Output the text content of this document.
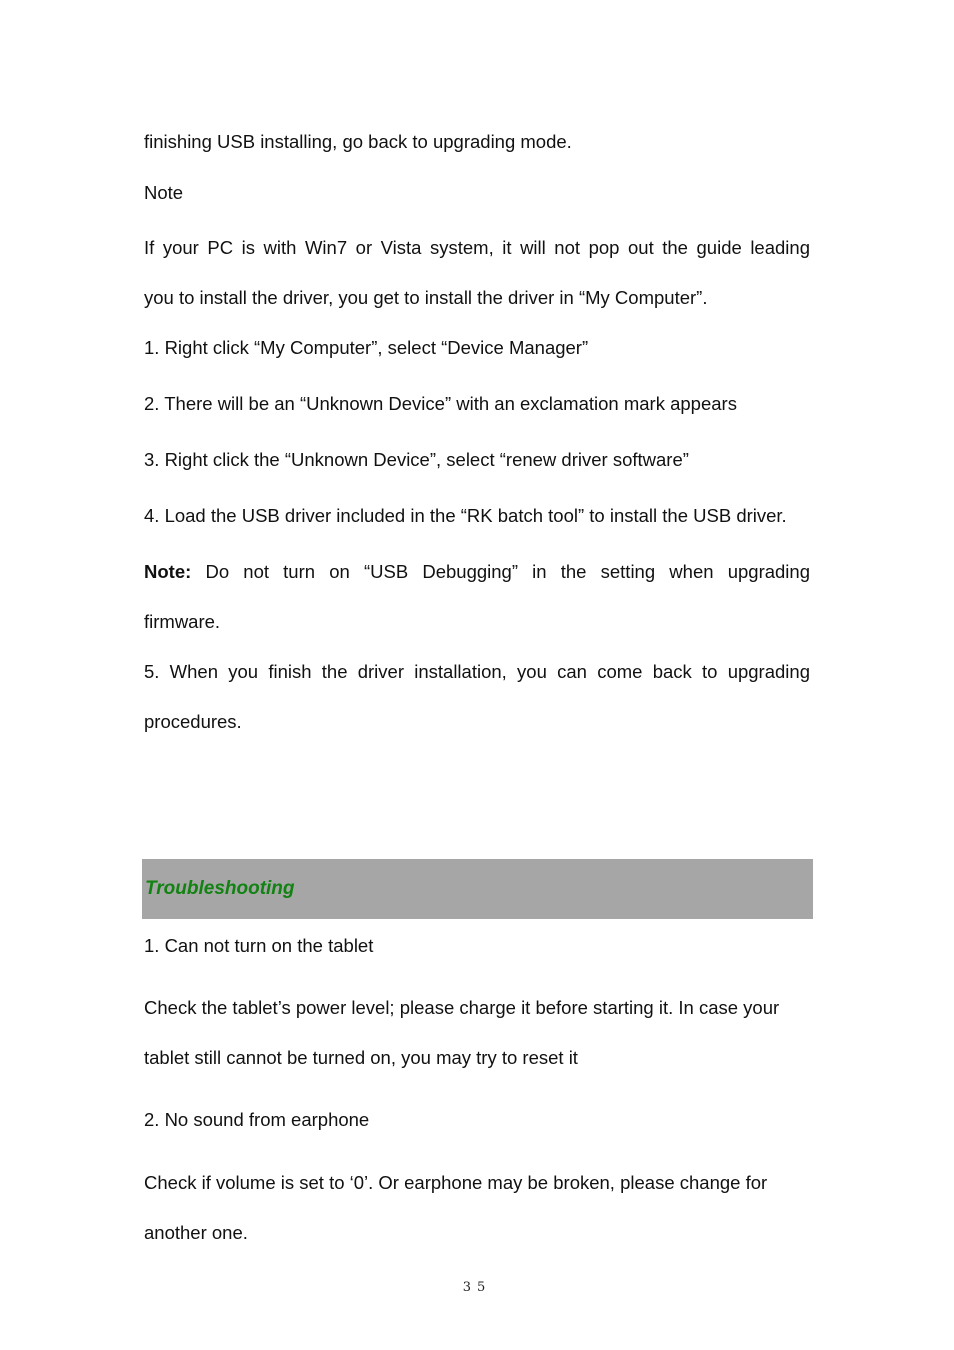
finishing USB installing, go back to upgrading mode.
Note
If your PC is with Win7 or Vista system, it will not pop out the guide leading
you to install the driver, you get to install the driver in “My Computer”.
1. Right click “My Computer”, select “Device Manager”
2. There will be an “Unknown Device” with an exclamation mark appears
3. Right click the “Unknown Device”, select “renew driver software”
4. Load the USB driver included in the “RK batch tool” to install the USB driver.
Note: Do not turn on “USB Debugging” in the setting when upgrading
firmware.
5. When you finish the driver installation, you can come back to upgrading
procedures.
Troubleshooting
1. Can not turn on the tablet
Check the tablet’s power level; please charge it before starting it. In case your
tablet still cannot be turned on, you may try to reset it
2. No sound from earphone
Check if volume is set to ‘0’. Or earphone may be broken, please change for
another one.
35
